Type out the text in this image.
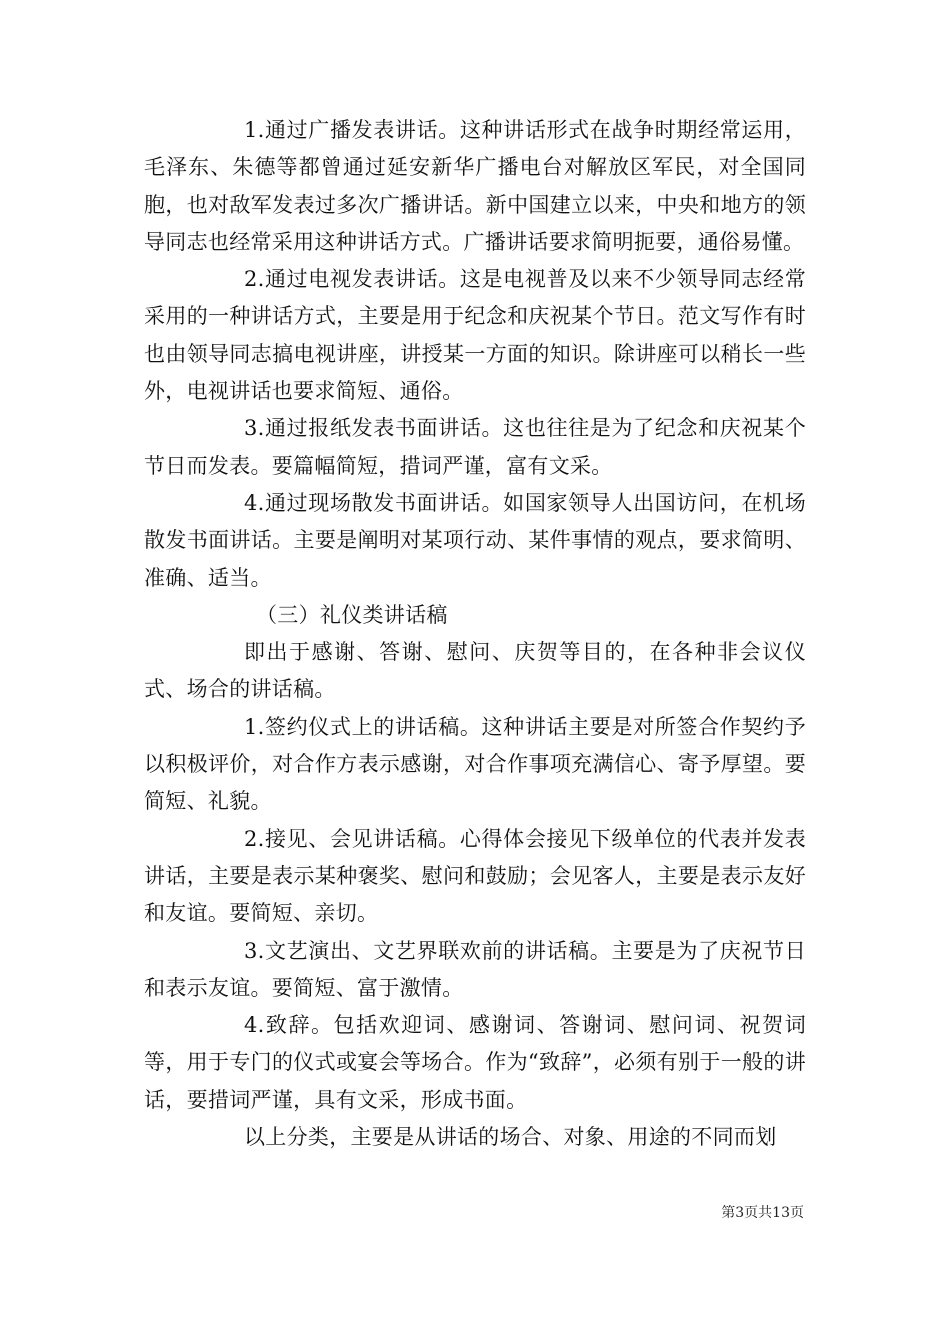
1.通过广播发表讲话。这种讲话形式在战争时期经常运用，毛泽东、朱德等都曾通过延安新华广播电台对解放区军民，对全国同胞，也对敌军发表过多次广播讲话。新中国建立以来，中央和地方的领导同志也经常采用这种讲话方式。广播讲话要求简明扼要，通俗易懂。

2.通过电视发表讲话。这是电视普及以来不少领导同志经常采用的一种讲话方式，主要是用于纪念和庆祝某个节日。范文写作有时也由领导同志搞电视讲座，讲授某一方面的知识。除讲座可以稍长一些外，电视讲话也要求简短、通俗。

3.通过报纸发表书面讲话。这也往往是为了纪念和庆祝某个节日而发表。要篇幅简短，措词严谨，富有文采。

4.通过现场散发书面讲话。如国家领导人出国访问，在机场散发书面讲话。主要是阐明对某项行动、某件事情的观点，要求简明、准确、适当。

（三）礼仪类讲话稿

即出于感谢、答谢、慰问、庆贺等目的，在各种非会议仪式、场合的讲话稿。

1.签约仪式上的讲话稿。这种讲话主要是对所签合作契约予以积极评价，对合作方表示感谢，对合作事项充满信心、寄予厚望。要简短、礼貌。

2.接见、会见讲话稿。心得体会接见下级单位的代表并发表讲话，主要是表示某种褒奖、慰问和鼓励；会见客人，主要是表示友好和友谊。要简短、亲切。

3.文艺演出、文艺界联欢前的讲话稿。主要是为了庆祝节日和表示友谊。要简短、富于激情。

4.致辞。包括欢迎词、感谢词、答谢词、慰问词、祝贺词等，用于专门的仪式或宴会等场合。作为“致辞”，必须有别于一般的讲话，要措词严谨，具有文采，形成书面。

以上分类，主要是从讲话的场合、对象、用途的不同而划

第3页共13页
